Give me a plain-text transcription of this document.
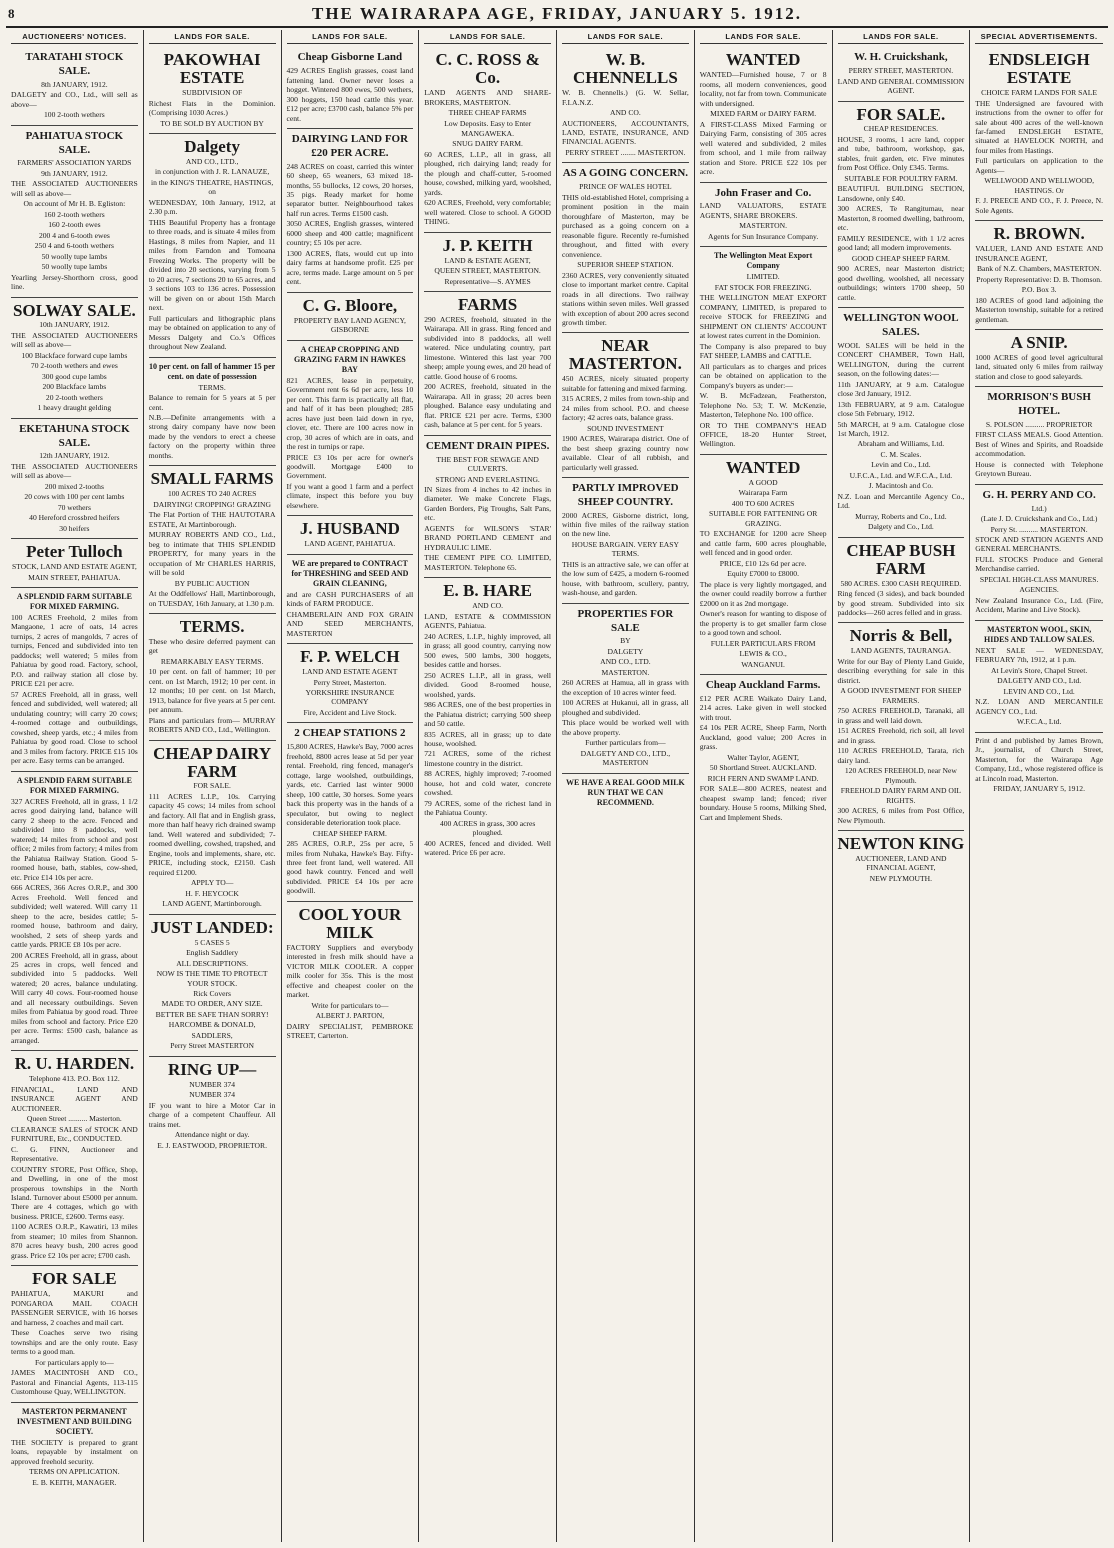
8	THE WAIRARAPA AGE, FRIDAY, JANUARY 5. 1912.
AUCTIONEERS' NOTICES.
TARATAHI STOCK SALE.
8th JANUARY, 1912.
DALGETY and CO., Ltd., will sell as above—
100 2-tooth wethers
PAHIATUA STOCK SALE.
FARMERS' ASSOCIATION YARDS
9th JANUARY, 1912.
THE ASSOCIATED AUCTIONEERS will sell as above—
On account of Mr H. B. Egliston:
160 2-tooth wethers
160 2-tooth ewes
200 4 and 6-tooth ewes
250 4 and 6-tooth wethers
50 woolly tupe lambs
50 woolly tupe lambs
Yearling Jersey-Shorthorn cross, good line.
SOLWAY SALE.
10th JANUARY, 1912.
THE ASSOCIATED AUCTIONEERS will sell as above—
100 Blackface forward cupe lambs
70 2-tooth wethers and ewes
300 good cupe lambs
200 Blackface lambs
20 2-tooth wethers
1 heavy draught gelding
EKETAHUNA STOCK SALE.
12th JANUARY, 1912.
THE ASSOCIATED AUCTIONEERS will sell as above—
200 mixed 2-tooths
20 cows with 100 per cent lambs
70 wethers
40 Hereford crossbred heifers
30 heifers
Peter Tulloch
STOCK, LAND AND ESTATE AGENT,
MAIN STREET, PAHIATUA.
A SPLENDID FARM SUITABLE FOR MIXED FARMING.
100 ACRES Freehold, 2 miles from Mangaone, 1 acre of oats, 14 acres turnips, 2 acres of mangolds, 7 acres of turnips, Fenced and subdivided into ten paddocks; well watered; 5 miles from Pahiatua by good road. Factory, school, P.O. and railway station all close by. PRICE £21 per acre.
57 ACRES Freehold, all in grass, well fenced and subdivided, well watered; all undulating country; will carry 20 cows; 4-roomed cottage and outbuildings, cowshed, sheep yards, etc.; 4 miles from Pahiatua by good road. Close to school and 3 miles from factory. PRICE £15 10s per acre. Easy terms can be arranged.
A SPLENDID FARM SUITABLE FOR MIXED FARMING.
327 ACRES Freehold, all in grass, 1 1/2 acres good dairying land, balance will carry 2 sheep to the acre. Fenced and subdivided into 8 paddocks, well watered; 14 miles from school and post office; 2 miles from factory; 4 miles from the Pahiatua Railway Station. Good 5-roomed house, bath, stables, cow-shed, etc. Price £14 10s per acre.
666 ACRES, 366 Acres O.R.P., and 300 Acres Freehold. Well fenced and subdivided; well watered. Will carry 11 sheep to the acre, besides cattle; 5-roomed house, bathroom and dairy, woolshed, 2 sets of sheep yards and cattle yards. PRICE £8 10s per acre.
200 ACRES Freehold, all in grass, about 25 acres in crops, well fenced and subdivided into 5 paddocks. Well watered; 20 acres, balance undulating. Will carry 40 cows. Four-roomed house and all necessary outbuildings. Seven miles from Pahiatua by good road. Three miles from school and factory. Price £20 per acre. Terms: £500 cash, balance as arranged.
R. U. HARDEN.
Telephone 413. P.O. Box 112.
FINANCIAL, LAND AND INSURANCE AGENT AND AUCTIONEER.
Queen Street .......... Masterton.
CLEARANCE SALES of STOCK AND FURNITURE, Etc., CONDUCTED.
C. G. FINN, Auctioneer and Representative.
COUNTRY STORE, Post Office, Shop, and Dwelling, in one of the most prosperous townships in the North Island. Turnover about £5000 per annum. There are 4 cottages, which go with business. PRICE, £2600. Terms easy.
1100 ACRES O.R.P., Kawatiri, 13 miles from steamer; 10 miles from Shannon. 870 acres heavy bush, 200 acres good grass. Price £2 10s per acre; £700 cash.
FOR SALE
PAHIATUA, MAKURI and PONGAROA MAIL COACH PASSENGER SERVICE, with 16 horses and harness, 2 coaches and mail cart.
These Coaches serve two rising townships and are the only route. Easy terms to a good man.
For particulars apply to—
JAMES MACINTOSH AND CO., Pastoral and Financial Agents, 113-115 Customhouse Quay, WELLINGTON.
MASTERTON PERMANENT INVESTMENT AND BUILDING SOCIETY.
THE SOCIETY is prepared to grant loans, repayable by instalment on approved freehold security.
TERMS ON APPLICATION.
E. B. KEITH, MANAGER.
LANDS FOR SALE.
PAKOWHAI ESTATE
SUBDIVISION OF
Richest Flats in the Dominion. (Comprising 1030 Acres.)
TO BE SOLD BY AUCTION BY
Dalgety
AND CO., LTD.,
in conjunction with J. R. LANAUZE,
in the KING'S THEATRE, HASTINGS, on
WEDNESDAY, 10th January, 1912, at 2.30 p.m.
THIS Beautiful Property has a frontage to three roads, and is situate 4 miles from Hastings, 8 miles from Napier, and 11 miles from Farndon and Tomoana Freezing Works. The property will be divided into 20 sections, varying from 5 to 20 acres, 7 sections 20 to 65 acres, and 3 sections 103 to 136 acres. Possession will be given on or about 15th March next.
Full particulars and lithographic plans may be obtained on application to any of Messrs Dalgety and Co.'s Offices throughout New Zealand.
10 per cent. on fall of hammer 15 per cent. on date of possession
TERMS.
Balance to remain for 5 years at 5 per cent.
N.B.—Definite arrangements with a strong dairy company have now been made by the vendors to erect a cheese factory on the property within three months.
SMALL FARMS
100 ACRES TO 240 ACRES
DAIRYING! CROPPING! GRAZING
The Flat Portion of THE HAUTOTARA ESTATE, At Martinborough.
MURRAY ROBERTS AND CO., Ltd., beg to intimate that THIS SPLENDID PROPERTY, for many years in the occupation of Mr CHARLES HARRIS, will be sold
BY PUBLIC AUCTION
At the Oddfellows' Hall, Martinborough, on TUESDAY, 16th January, at 1.30 p.m.
TERMS.
These who desire deferred payment can get
REMARKABLY EASY TERMS.
10 per cent. on fall of hammer; 10 per cent. on 1st March, 1912; 10 per cent. in 12 months; 10 per cent. on 1st March, 1913, balance for five years at 5 per cent. per annum.
Plans and particulars from— MURRAY ROBERTS AND CO., Ltd., Wellington.
CHEAP DAIRY FARM
FOR SALE.
111 ACRES L.I.P., 10s. Carrying capacity 45 cows; 14 miles from school and factory. All flat and in English grass, more than half heavy rich drained swamp land. Well watered and subdivided; 7-roomed dwelling, cowshed, trapshed, and Engine, tools and implements, share, etc. PRICE, including stock, £2150. Cash required £1200.
APPLY TO—
H. F. HEYCOCK
LAND AGENT, Martinborough.
JUST LANDED:
5 CASES 5
English Saddlery
ALL DESCRIPTIONS.
NOW IS THE TIME TO PROTECT YOUR STOCK.
Rick Covers
MADE TO ORDER, ANY SIZE.
BETTER BE SAFE THAN SORRY!
HARCOMBE & DONALD,
SADDLERS,
Perry Street MASTERTON
RING UP—
NUMBER 374
NUMBER 374
IF you want to hire a Motor Car in charge of a competent Chauffeur. All trains met.
Attendance night or day.
E. J. EASTWOOD, PROPRIETOR.
LANDS FOR SALE.
Cheap Gisborne Land
429 ACRES English grasses, coast land fattening land. Owner never loses a hogget. Wintered 800 ewes, 500 wethers, 300 hoggets, 150 head cattle this year. £12 per acre; £3700 cash, balance 5% per cent.
DAIRYING LAND FOR £20 PER ACRE.
248 ACRES on coast, carried this winter 60 sheep, 65 weaners, 63 mixed 18-months, 55 bullocks, 12 cows, 20 horses, 35 pigs. Ready market for home separator butter. Neighbourhood takes half run acres. Terms £1500 cash.
3050 ACRES, English grasses, wintered 6000 sheep and 400 cattle; magnificent country; £5 10s per acre.
1300 ACRES, flats, would cut up into dairy farms at handsome profit. £25 per acre, terms made. Large amount on 5 per cent.
C. G. Bloore,
PROPERTY BAY LAND AGENCY, GISBORNE
A CHEAP CROPPING AND GRAZING FARM IN HAWKES BAY
821 ACRES, lease in perpetuity, Government rent 6s 6d per acre, less 10 per cent. This farm is practically all flat, and half of it has been ploughed; 285 acres have just been laid down in rye, clover, etc. There are 100 acres now in crop, 30 acres of which are in oats, and the rest in turnips or rape.
PRICE £3 10s per acre for owner's goodwill. Mortgage £400 to Government.
If you want a good 1 farm and a perfect climate, inspect this before you buy elsewhere.
J. HUSBAND
LAND AGENT, PAHIATUA.
WE are prepared to CONTRACT for THRESHING and SEED AND GRAIN CLEANING,
and are CASH PURCHASERS of all kinds of FARM PRODUCE.
CHAMBERLAIN AND FOX GRAIN AND SEED MERCHANTS, MASTERTON
F. P. WELCH
LAND AND ESTATE AGENT
Perry Street, Masterton.
YORKSHIRE INSURANCE COMPANY
Fire, Accident and Live Stock.
2 CHEAP STATIONS 2
15,800 ACRES, Hawke's Bay, 7000 acres freehold, 8800 acres lease at 5d per year rental. Freehold, ring fenced, manager's cottage, large woolshed, outbuildings, yards, etc. Carried last winter 9000 sheep, 100 cattle, 30 horses. Some years back this property was in the hands of a speculator, but owing to neglect considerable deterioration took place.
CHEAP SHEEP FARM.
285 ACRES, O.R.P., 25s per acre, 5 miles from Nuhaka, Hawke's Bay. Fifty-three feet front land, well watered. All good hawk country. Fenced and well subdivided. PRICE £4 10s per acre goodwill.
COOL YOUR MILK
FACTORY Suppliers and everybody interested in fresh milk should have a VICTOR MILK COOLER. A copper milk cooler for 35s. This is the most effective and cheapest cooler on the market.
Write for particulars to—
ALBERT J. PARTON,
DAIRY SPECIALIST, PEMBROKE STREET, Carterton.
LANDS FOR SALE.
C. C. ROSS & Co.
LAND AGENTS AND SHARE-BROKERS, MASTERTON.
THREE CHEAP FARMS
Low Deposits. Easy to Enter
MANGAWEKA.
SNUG DAIRY FARM.
60 ACRES, L.I.P., all in grass, all ploughed, rich dairying land; ready for the plough and chaff-cutter, 5-roomed house, cowshed, milking yard, woolshed, yards.
620 ACRES, Freehold, very comfortable; well watered. Close to school. A GOOD THING.
J. P. KEITH
LAND & ESTATE AGENT,
QUEEN STREET, MASTERTON.
Representative—S. AYMES
FARMS
290 ACRES, freehold, situated in the Wairarapa. All in grass. Ring fenced and subdivided into 8 paddocks, all well watered. Nice undulating country, part limestone. Wintered this last year 700 sheep; ample young ewes, and 20 head of cattle. Good house of 6 rooms.
200 ACRES, freehold, situated in the Wairarapa. All in grass; 20 acres been ploughed. Balance easy undulating and flat. PRICE £21 per acre. Terms, £300 cash, balance at 5 per cent. for 5 years.
CEMENT DRAIN PIPES.
THE BEST FOR SEWAGE AND CULVERTS.
STRONG AND EVERLASTING.
IN Sizes from 4 inches to 42 inches in diameter. We make Concrete Flags, Garden Borders, Pig Troughs, Salt Pans, etc.
AGENTS for WILSON'S 'STAR' BRAND PORTLAND CEMENT and HYDRAULIC LIME.
THE CEMENT PIPE CO. LIMITED, MASTERTON. Telephone 65.
E. B. HARE
AND CO.
LAND, ESTATE & COMMISSION AGENTS, Pahiatua.
240 ACRES, L.I.P., highly improved, all in grass; all good country, carrying now 500 ewes, 500 lambs, 300 hoggets, besides cattle and horses.
250 ACRES L.I.P., all in grass, well divided. Good 8-roomed house, woolshed, yards.
986 ACRES, one of the best properties in the Pahiatua district; carrying 500 sheep and 50 cattle.
835 ACRES, all in grass; up to date house, woolshed.
721 ACRES, some of the richest limestone country in the district.
88 ACRES, highly improved; 7-roomed house, hot and cold water, concrete cowshed.
79 ACRES, some of the richest land in the Pahiatua County.
400 ACRES in grass, 300 acres ploughed.
400 ACRES, fenced and divided. Well watered. Price £6 per acre.
LANDS FOR SALE.
W. B. CHENNELLS
W. B. Chennells.) (G. W. Sellar, F.I.A.N.Z.
AND CO.
AUCTIONEERS, ACCOUNTANTS, LAND, ESTATE, INSURANCE, AND FINANCIAL AGENTS.
PERRY STREET ........ MASTERTON.
AS A GOING CONCERN.
PRINCE OF WALES HOTEL
THIS old-established Hotel, comprising a prominent position in the main thoroughfare of Masterton, may be purchased as a going concern on a reasonable figure. Recently re-furnished throughout, and fitted with every convenience.
SUPERIOR SHEEP STATION.
2360 ACRES, very conveniently situated close to important market centre. Capital roads in all directions. Two railway stations within seven miles. Well grassed with exception of about 200 acres second growth timber.
NEAR MASTERTON.
450 ACRES, nicely situated property suitable for fattening and mixed farming.
315 ACRES, 2 miles from town-ship and 24 miles from school. P.O. and cheese factory; 42 acres oats, balance grass.
SOUND INVESTMENT
1900 ACRES, Wairarapa district. One of the best sheep grazing country now available. Clear of all rubbish, and particularly well grassed.
PARTLY IMPROVED SHEEP COUNTRY.
2000 ACRES, Gisborne district, long, within five miles of the railway station on the new line.
HOUSE BARGAIN. VERY EASY TERMS.
THIS is an attractive sale, we can offer at the low sum of £425, a modern 6-roomed house, with bathroom, scullery, pantry, wash-house, and garden.
PROPERTIES FOR SALE
BY
DALGETY
AND CO., LTD.
MASTERTON.
260 ACRES at Hamua, all in grass with the exception of 10 acres winter feed.
100 ACRES at Hukanui, all in grass, all ploughed and subdivided.
This place would be worked well with the above property.
Further particulars from—
DALGETY AND CO., LTD., MASTERTON
WE HAVE A REAL GOOD MILK RUN THAT WE CAN RECOMMEND.
LANDS FOR SALE.
WANTED
WANTED—Furnished house, 7 or 8 rooms, all modern conveniences, good locality, not far from town. Communicate with undersigned.
MIXED FARM or DAIRY FARM.
A FIRST-CLASS Mixed Farming or Dairying Farm, consisting of 305 acres well watered and subdivided, 2 miles from school, and 1 mile from railway station and Store. PRICE £22 10s per acre.
John Fraser and Co.
LAND VALUATORS, ESTATE AGENTS, SHARE BROKERS.
MASTERTON.
Agents for Sun Insurance Company.
The Wellington Meat Export Company
LIMITED.
FAT STOCK FOR FREEZING.
THE WELLINGTON MEAT EXPORT COMPANY, LIMITED, is prepared to receive STOCK for FREEZING and SHIPMENT ON CLIENTS' ACCOUNT at lowest rates current in the Dominion.
The Company is also prepared to buy FAT SHEEP, LAMBS and CATTLE.
All particulars as to charges and prices can be obtained on application to the Company's buyers as under:—
W. B. McFadzean, Featherston, Telephone No. 53; T. W. McKenzie, Masterton, Telephone No. 100 office.
OR TO THE COMPANY'S HEAD OFFICE, 18-20 Hunter Street, Wellington.
WANTED
A GOOD
Wairarapa Farm
400 TO 600 ACRES
SUITABLE FOR FATTENING OR GRAZING.
TO EXCHANGE for 1200 acre Sheep and cattle farm, 600 acres ploughable, well fenced and in good order.
PRICE, £10 12s 6d per acre.
Equity £7000 to £8000.
The place is very lightly mortgaged, and the owner could readily borrow a further £2000 on it as 2nd mortgage.
Owner's reason for wanting to dispose of the property is to get smaller farm close to a good town and school.
FULLER PARTICULARS FROM
LEWIS & CO.,
WANGANUI.
Cheap Auckland Farms.
£12 PER ACRE Waikato Dairy Land, 214 acres. Lake given in well stocked with trout.
£4 10s PER ACRE, Sheep Farm, North Auckland, good value; 200 Acres in grass.
Walter Taylor, AGENT,
50 Shortland Street. AUCKLAND.
RICH FERN AND SWAMP LAND.
FOR SALE—800 ACRES, neatest and cheapest swamp land; fenced; river boundary. House 5 rooms, Milking Shed, Cart and Implement Sheds.
LANDS FOR SALE.
W. H. Cruickshank,
PERRY STREET, MASTERTON.
LAND AND GENERAL COMMISSION AGENT.
FOR SALE.
CHEAP RESIDENCES.
HOUSE, 3 rooms, 1 acre land, copper and tube, bathroom, workshop, gas, stables, fruit garden, etc. Five minutes from Post Office. Only £345. Terms.
SUITABLE FOR POULTRY FARM.
BEAUTIFUL BUILDING SECTION, Lansdowne, only £40.
300 ACRES, Te Rangitumau, near Masterton, 8 roomed dwelling, bathroom, etc.
FAMILY RESIDENCE, with 1 1/2 acres good land; all modern improvements.
GOOD CHEAP SHEEP FARM.
900 ACRES, near Masterton district; good dwelling, woolshed, all necessary outbuildings; winters 1700 sheep, 50 cattle.
WELLINGTON WOOL SALES.
WOOL SALES will be held in the CONCERT CHAMBER, Town Hall, WELLINGTON, during the current season, on the following dates:—
11th JANUARY, at 9 a.m. Catalogue close 3rd January, 1912.
13th FEBRUARY, at 9 a.m. Catalogue close 5th February, 1912.
5th MARCH, at 9 a.m. Catalogue close 1st March, 1912.
Abraham and Williams, Ltd.
C. M. Scales.
Levin and Co., Ltd.
U.F.C.A., Ltd. and W.F.C.A., Ltd.
J. Macintosh and Co.
N.Z. Loan and Mercantile Agency Co., Ltd.
Murray, Roberts and Co., Ltd.
Dalgety and Co., Ltd.
CHEAP BUSH FARM
580 ACRES. £300 CASH REQUIRED.
Ring fenced (3 sides), and back bounded by good stream. Subdivided into six paddocks—260 acres felled and in grass.
Norris & Bell,
LAND AGENTS, TAURANGA.
Write for our Bay of Plenty Land Guide, describing everything for sale in this district.
A GOOD INVESTMENT FOR SHEEP FARMERS.
750 ACRES FREEHOLD, Taranaki, all in grass and well laid down.
151 ACRES Freehold, rich soil, all level and in grass.
110 ACRES FREEHOLD, Tarata, rich dairy land.
120 ACRES FREEHOLD, near New Plymouth.
FREEHOLD DAIRY FARM AND OIL RIGHTS.
300 ACRES, 6 miles from Post Office, New Plymouth.
NEWTON KING
AUCTIONEER, LAND AND FINANCIAL AGENT,
NEW PLYMOUTH.
SPECIAL ADVERTISEMENTS.
ENDSLEIGH ESTATE
CHOICE FARM LANDS FOR SALE
THE Undersigned are favoured with instructions from the owner to offer for sale about 400 acres of the well-known far-famed ENDSLEIGH ESTATE, situated at HAVELOCK NORTH, and four miles from Hastings.
Full particulars on application to the Agents—
WELLWOOD AND WELLWOOD, HASTINGS. Or
F. J. PREECE AND CO., F. J. Preece, N. Sole Agents.
R. BROWN.
VALUER, LAND AND ESTATE AND INSURANCE AGENT,
Bank of N.Z. Chambers, MASTERTON.
Property Representative: D. B. Thomson.
P.O. Box 3.
180 ACRES of good land adjoining the Masterton township, suitable for a retired gentleman.
A SNIP.
1000 ACRES of good level agricultural land, situated only 6 miles from railway station and close to good saleyards.
MORRISON'S BUSH HOTEL.
S. POLSON .......... PROPRIETOR
FIRST CLASS MEALS. Good Attention. Best of Wines and Spirits, and Roadside accommodation.
House is connected with Telephone Greytown Bureau.
G. H. PERRY AND CO.
Ltd.)
(Late J. D. Cruickshank and Co., Ltd.)
Perry St. .......... MASTERTON.
STOCK AND STATION AGENTS AND GENERAL MERCHANTS.
FULL STOCKS Produce and General Merchandise carried.
SPECIAL HIGH-CLASS MANURES.
AGENCIES.
New Zealand Insurance Co., Ltd. (Fire, Accident, Marine and Live Stock).
MASTERTON WOOL, SKIN, HIDES AND TALLOW SALES.
NEXT SALE — WEDNESDAY, FEBRUARY 7th, 1912, at 1 p.m.
At Levin's Store, Chapel Street.
DALGETY AND CO., Ltd.
LEVIN AND CO., Ltd.
N.Z. LOAN AND MERCANTILE AGENCY CO., Ltd.
W.F.C.A., Ltd.
Print d and published by James Brown, Jr., journalist, of Church Street, Masterton, for the Wairarapa Age Company, Ltd., whose registered office is at Lincoln road, Masterton.
FRIDAY, JANUARY 5, 1912.
